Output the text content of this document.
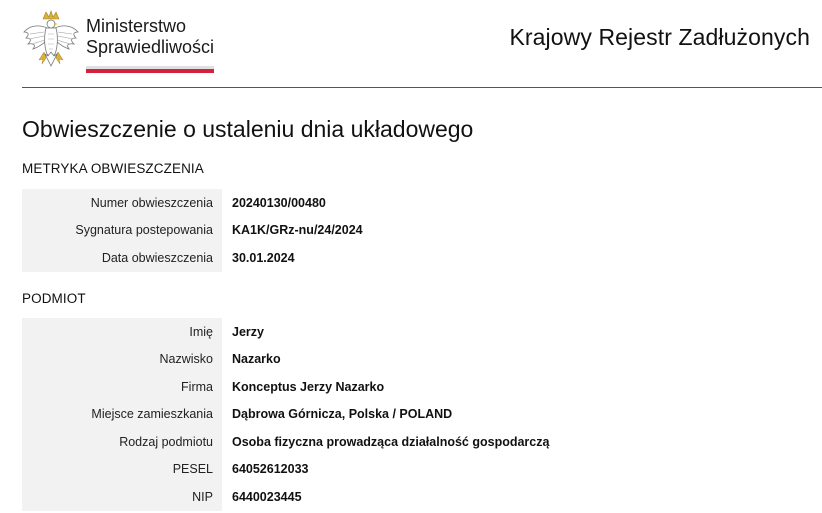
Ministerstwo
Sprawiedliwości	Krajowy Rejestr Zadłużonych
Obwieszczenie o ustaleniu dnia układowego
METRYKA OBWIESZCZENIA
Numer obwieszczenia	20240130/00480
Sygnatura postepowania	KA1K/GRz-nu/24/2024
Data obwieszczenia	30.01.2024
PODMIOT
Imię	Jerzy
Nazwisko	Nazarko
Firma	Konceptus Jerzy Nazarko
Miejsce zamieszkania	Dąbrowa Górnicza, Polska / POLAND
Rodzaj podmiotu	Osoba fizyczna prowadząca działalność gospodarczą
PESEL	64052612033
NIP	6440023445
